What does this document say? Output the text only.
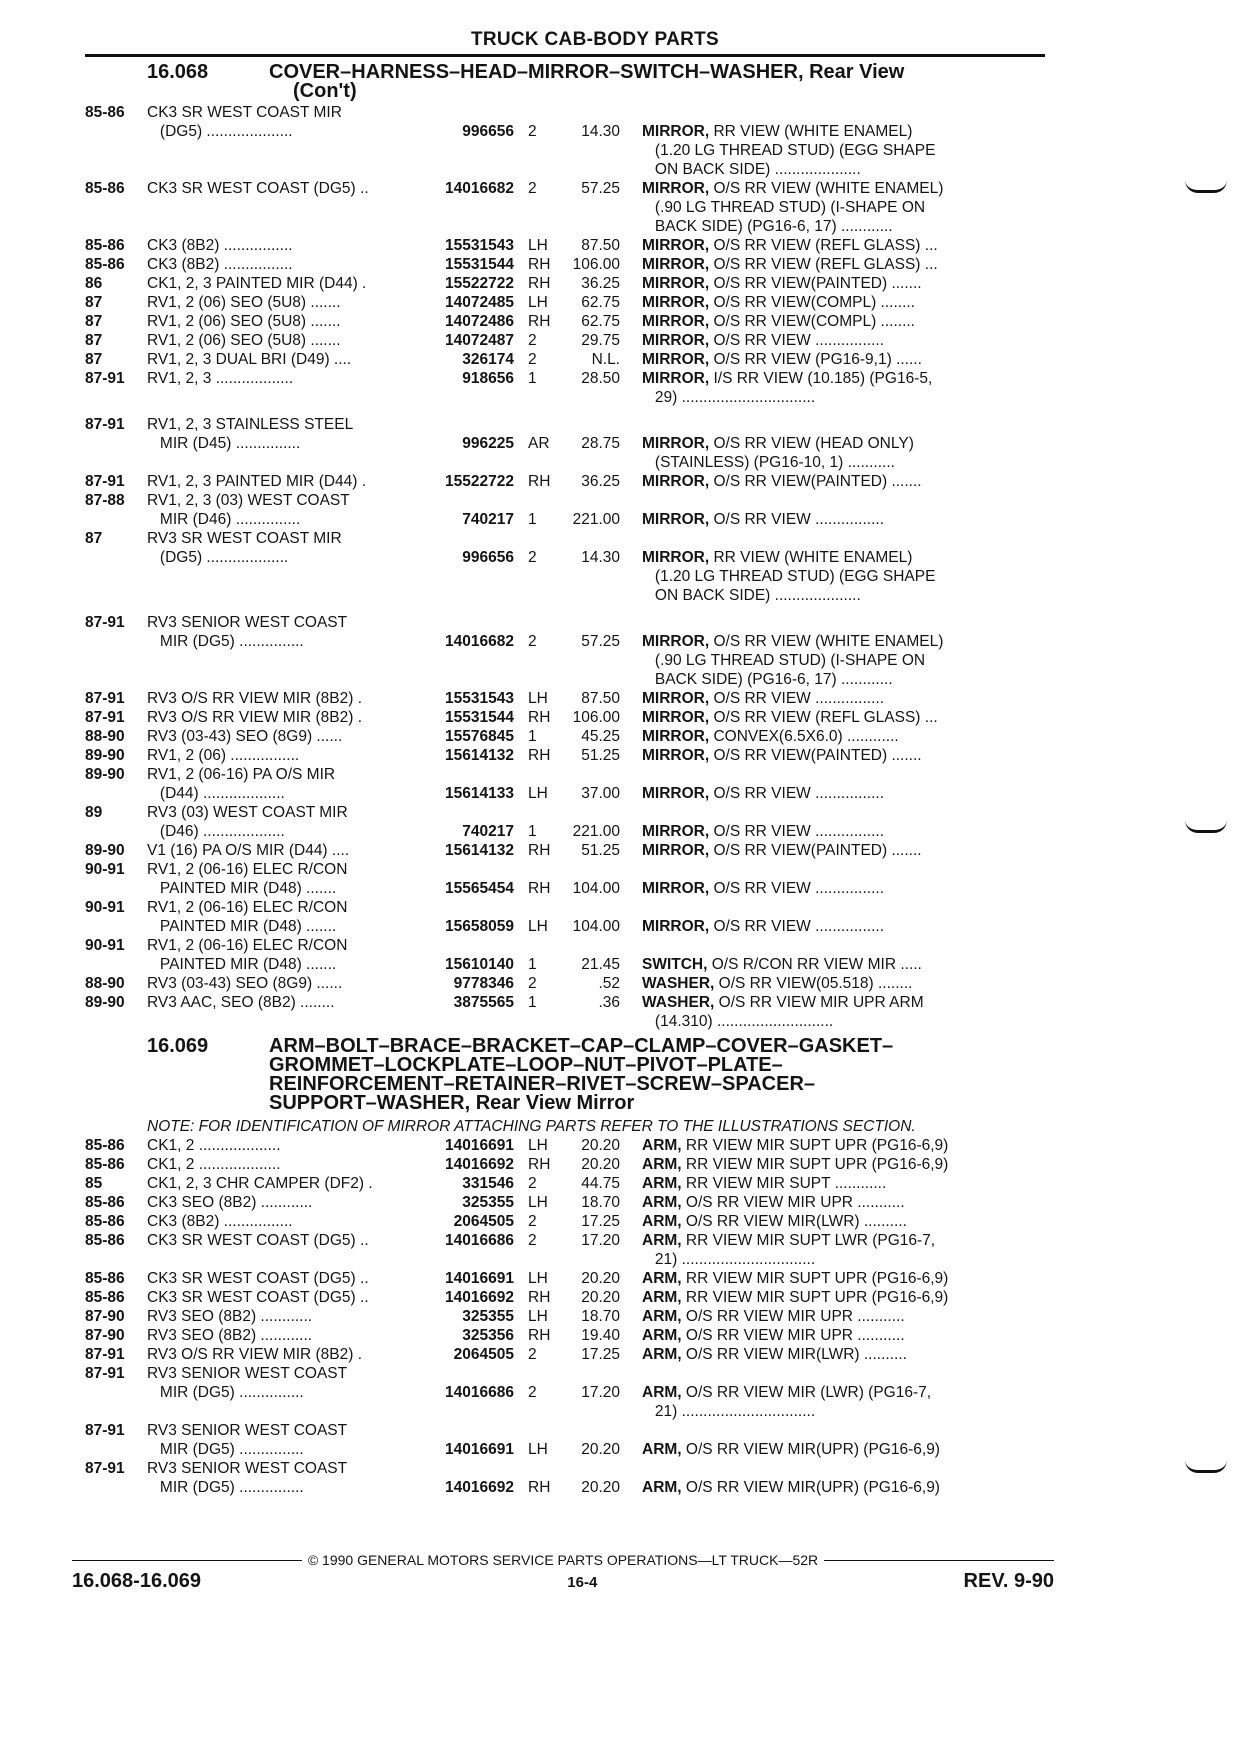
TRUCK CAB-BODY PARTS
16.068	COVER–HARNESS–HEAD–MIRROR–SWITCH–WASHER, Rear View
(Con't)
85-86	CK3 SR WEST COAST MIR
(DG5) ....................	996656 2	14.30	MIRROR, RR VIEW (WHITE ENAMEL)
(1.20 LG THREAD STUD) (EGG SHAPE
ON BACK SIDE) ....................
85-86	CK3 SR WEST COAST (DG5) ..	14016682 2	57.25	MIRROR, O/S RR VIEW (WHITE ENAMEL)
(.90 LG THREAD STUD) (I-SHAPE ON
BACK SIDE) (PG16-6, 17) ............
85-86	CK3 (8B2) ................	15531543 LH	87.50	MIRROR, O/S RR VIEW (REFL GLASS) ...
85-86	CK3 (8B2) ................	15531544 RH	106.00	MIRROR, O/S RR VIEW (REFL GLASS) ...
86	CK1, 2, 3 PAINTED MIR (D44) .	15522722 RH	36.25	MIRROR, O/S RR VIEW(PAINTED) .......
87	RV1, 2 (06) SEO (5U8) .......	14072485 LH	62.75	MIRROR, O/S RR VIEW(COMPL) ........
87	RV1, 2 (06) SEO (5U8) .......	14072486 RH	62.75	MIRROR, O/S RR VIEW(COMPL) ........
87	RV1, 2 (06) SEO (5U8) .......	14072487 2	29.75	MIRROR, O/S RR VIEW ................
87	RV1, 2, 3 DUAL BRI (D49) ....	326174 2	N.L.	MIRROR, O/S RR VIEW (PG16-9,1) ......
87-91	RV1, 2, 3 ..................	918656 1	28.50	MIRROR, I/S RR VIEW (10.185) (PG16-5,
29) ...............................
87-91	RV1, 2, 3 STAINLESS STEEL
MIR (D45) ...............	996225 AR	28.75	MIRROR, O/S RR VIEW (HEAD ONLY)
(STAINLESS) (PG16-10, 1) ...........
87-91	RV1, 2, 3 PAINTED MIR (D44) .	15522722 RH	36.25	MIRROR, O/S RR VIEW(PAINTED) .......
87-88	RV1, 2, 3 (03) WEST COAST
MIR (D46) ...............	740217 1	221.00	MIRROR, O/S RR VIEW ................
87	RV3 SR WEST COAST MIR
(DG5) ...................	996656 2	14.30	MIRROR, RR VIEW (WHITE ENAMEL)
(1.20 LG THREAD STUD) (EGG SHAPE
ON BACK SIDE) ....................
87-91	RV3 SENIOR WEST COAST
MIR (DG5) ...............	14016682 2	57.25	MIRROR, O/S RR VIEW (WHITE ENAMEL)
(.90 LG THREAD STUD) (I-SHAPE ON
BACK SIDE) (PG16-6, 17) ............
87-91	RV3 O/S RR VIEW MIR (8B2) .	15531543 LH	87.50	MIRROR, O/S RR VIEW ................
87-91	RV3 O/S RR VIEW MIR (8B2) .	15531544 RH	106.00	MIRROR, O/S RR VIEW (REFL GLASS) ...
88-90	RV3 (03-43) SEO (8G9) ......	15576845 1	45.25	MIRROR, CONVEX(6.5X6.0) ............
89-90	RV1, 2 (06) ................	15614132 RH	51.25	MIRROR, O/S RR VIEW(PAINTED) .......
89-90	RV1, 2 (06-16) PA O/S MIR
(D44) ...................	15614133 LH	37.00	MIRROR, O/S RR VIEW ................
89	RV3 (03) WEST COAST MIR
(D46) ...................	740217 1	221.00	MIRROR, O/S RR VIEW ................
89-90	V1 (16) PA O/S MIR (D44) ....	15614132 RH	51.25	MIRROR, O/S RR VIEW(PAINTED) .......
90-91	RV1, 2 (06-16) ELEC R/CON
PAINTED MIR (D48) .......	15565454 RH	104.00	MIRROR, O/S RR VIEW ................
90-91	RV1, 2 (06-16) ELEC R/CON
PAINTED MIR (D48) .......	15658059 LH	104.00	MIRROR, O/S RR VIEW ................
90-91	RV1, 2 (06-16) ELEC R/CON
PAINTED MIR (D48) .......	15610140 1	21.45	SWITCH, O/S R/CON RR VIEW MIR .....
88-90	RV3 (03-43) SEO (8G9) ......	9778346 2	.52	WASHER, O/S RR VIEW(05.518) ........
89-90	RV3 AAC, SEO (8B2) ........	3875565 1	.36	WASHER, O/S RR VIEW MIR UPR ARM
(14.310) ...........................
16.069	ARM–BOLT–BRACE–BRACKET–CAP–CLAMP–COVER–GASKET–
GROMMET–LOCKPLATE–LOOP–NUT–PIVOT–PLATE–
REINFORCEMENT–RETAINER–RIVET–SCREW–SPACER–
SUPPORT–WASHER, Rear View Mirror
NOTE: FOR IDENTIFICATION OF MIRROR ATTACHING PARTS REFER TO THE ILLUSTRATIONS SECTION.
85-86	CK1, 2 ...................	14016691 LH	20.20	ARM, RR VIEW MIR SUPT UPR (PG16-6,9)
85-86	CK1, 2 ...................	14016692 RH	20.20	ARM, RR VIEW MIR SUPT UPR (PG16-6,9)
85	CK1, 2, 3 CHR CAMPER (DF2) .	331546 2	44.75	ARM, RR VIEW MIR SUPT ............
85-86	CK3 SEO (8B2) ............	325355 LH	18.70	ARM, O/S RR VIEW MIR UPR ...........
85-86	CK3 (8B2) ................	2064505 2	17.25	ARM, O/S RR VIEW MIR(LWR) ..........
85-86	CK3 SR WEST COAST (DG5) ..	14016686 2	17.20	ARM, RR VIEW MIR SUPT LWR (PG16-7,
21) ...............................
85-86	CK3 SR WEST COAST (DG5) ..	14016691 LH	20.20	ARM, RR VIEW MIR SUPT UPR (PG16-6,9)
85-86	CK3 SR WEST COAST (DG5) ..	14016692 RH	20.20	ARM, RR VIEW MIR SUPT UPR (PG16-6,9)
87-90	RV3 SEO (8B2) ............	325355 LH	18.70	ARM, O/S RR VIEW MIR UPR ...........
87-90	RV3 SEO (8B2) ............	325356 RH	19.40	ARM, O/S RR VIEW MIR UPR ...........
87-91	RV3 O/S RR VIEW MIR (8B2) .	2064505 2	17.25	ARM, O/S RR VIEW MIR(LWR) ..........
87-91	RV3 SENIOR WEST COAST
MIR (DG5) ...............	14016686 2	17.20	ARM, O/S RR VIEW MIR (LWR) (PG16-7,
21) ...............................
87-91	RV3 SENIOR WEST COAST
MIR (DG5) ...............	14016691 LH	20.20	ARM, O/S RR VIEW MIR(UPR) (PG16-6,9)
87-91	RV3 SENIOR WEST COAST
MIR (DG5) ...............	14016692 RH	20.20	ARM, O/S RR VIEW MIR(UPR) (PG16-6,9)
© 1990 GENERAL MOTORS SERVICE PARTS OPERATIONS—LT TRUCK—52R
16.068-16.069	16-4	REV. 9-90
